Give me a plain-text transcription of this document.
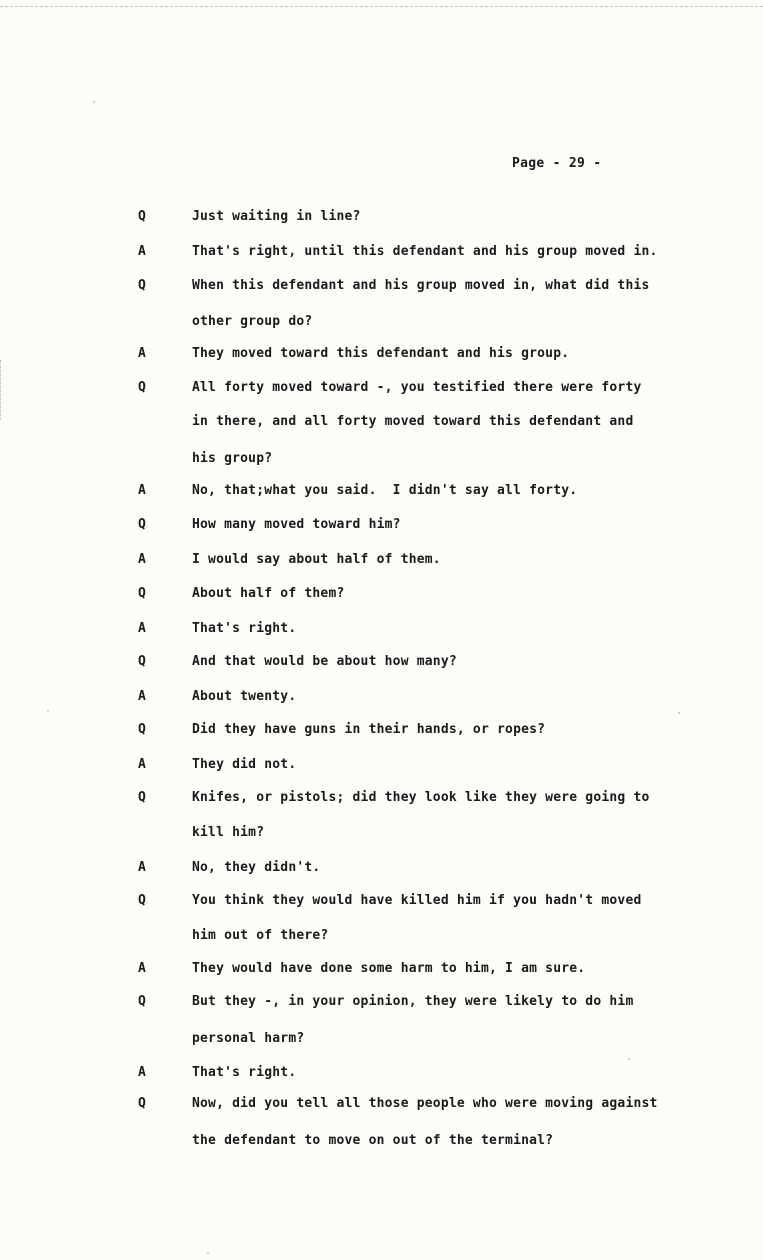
Page - 29 -
Q	Just waiting in line?
A	That's right, until this defendant and his group moved in.
Q	When this defendant and his group moved in, what did this
other group do?
A	They moved toward this defendant and his group.
Q	All forty moved toward -, you testified there were forty
in there, and all forty moved toward this defendant and
his group?
A	No, that;what you said.  I didn't say all forty.
Q	How many moved toward him?
A	I would say about half of them.
Q	About half of them?
A	That's right.
Q	And that would be about how many?
A	About twenty.
Q	Did they have guns in their hands, or ropes?
A	They did not.
Q	Knifes, or pistols; did they look like they were going to
kill him?
A	No, they didn't.
Q	You think they would have killed him if you hadn't moved
him out of there?
A	They would have done some harm to him, I am sure.
Q	But they -, in your opinion, they were likely to do him
personal harm?
A	That's right.
Q	Now, did you tell all those people who were moving against
the defendant to move on out of the terminal?
